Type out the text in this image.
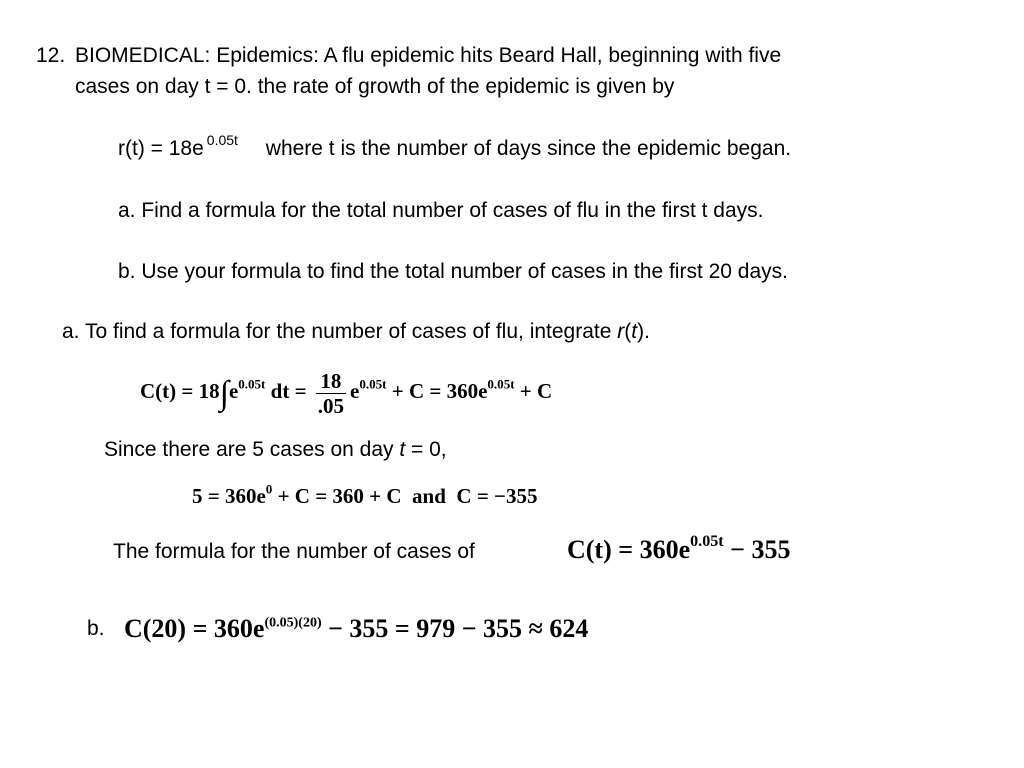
12. BIOMEDICAL: Epidemics: A flu epidemic hits Beard Hall, beginning with five
cases on day t = 0. the rate of growth of the epidemic is given by
r(t) = 18e $^{0.05t}$ where t is the number of days since the epidemic began.
a. Find a formula for the total number of cases of flu in the first t days.
b. Use your formula to find the total number of cases in the first 20 days.
a. To find a formula for the number of cases of flu, integrate r(t).
$C(t) = 18\int e^{0.05t}$ dt = $\frac{18}{.05} e^{0.05t} + C = 360e^{0.05t} + C$
Since there are 5 cases on day t = 0,
$5 = 360e^0 + C = 360 + C$  and  C = −355
The formula for the number of cases of	$C(t) = 360e^{0.05t} - 355$
b. $C(20) = 360e^{(0.05)(20)} - 355 = 979 - 355 \approx 624$
